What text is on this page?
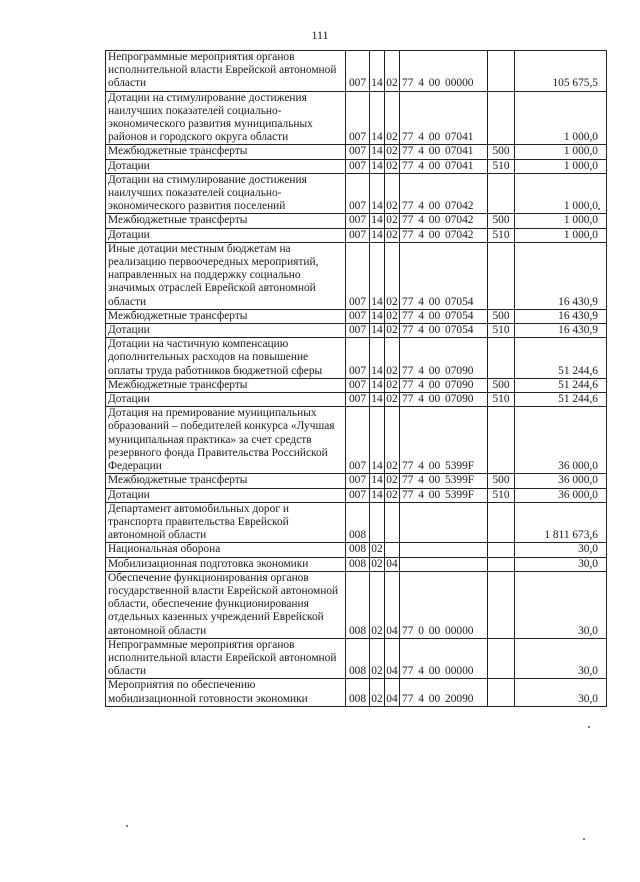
111
Непрограммные мероприятия органов исполнительной власти Еврейской автономной области	007	14	02	77 4 00 00000		105 675,5
Дотации на стимулирование достижения наилучших показателей социально-экономического развития муниципальных районов и городского округа области	007	14	02	77 4 00 07041		1 000,0
Межбюджетные трансферты	007	14	02	77 4 00 07041	500	1 000,0
Дотации	007	14	02	77 4 00 07041	510	1 000,0
Дотации на стимулирование достижения наилучших показателей социально-экономического развития поселений	007	14	02	77 4 00 07042		1 000,0
Межбюджетные трансферты	007	14	02	77 4 00 07042	500	1 000,0
Дотации	007	14	02	77 4 00 07042	510	1 000,0
Иные дотации местным бюджетам на реализацию первоочередных мероприятий, направленных на поддержку социально значимых отраслей Еврейской автономной области	007	14	02	77 4 00 07054		16 430,9
Межбюджетные трансферты	007	14	02	77 4 00 07054	500	16 430,9
Дотации	007	14	02	77 4 00 07054	510	16 430,9
Дотации на частичную компенсацию дополнительных расходов на повышение оплаты труда работников бюджетной сферы	007	14	02	77 4 00 07090		51 244,6
Межбюджетные трансферты	007	14	02	77 4 00 07090	500	51 244,6
Дотации	007	14	02	77 4 00 07090	510	51 244,6
Дотация на премирование муниципальных образований – победителей конкурса «Лучшая муниципальная практика» за счет средств резервного фонда Правительства Российской Федерации	007	14	02	77 4 00 5399F		36 000,0
Межбюджетные трансферты	007	14	02	77 4 00 5399F	500	36 000,0
Дотации	007	14	02	77 4 00 5399F	510	36 000,0
Департамент автомобильных дорог и транспорта правительства Еврейской автономной области	008					1 811 673,6
Национальная оборона	008	02				30,0
Мобилизационная подготовка экономики	008	02	04			30,0
Обеспечение функционирования органов государственной власти Еврейской автономной области, обеспечение функционирования отдельных казенных учреждений Еврейской автономной области	008	02	04	77 0 00 00000		30,0
Непрограммные мероприятия органов исполнительной власти Еврейской автономной области	008	02	04	77 4 00 00000		30,0
Мероприятия по обеспечению мобилизационной готовности экономики	008	02	04	77 4 00 20090		30,0
